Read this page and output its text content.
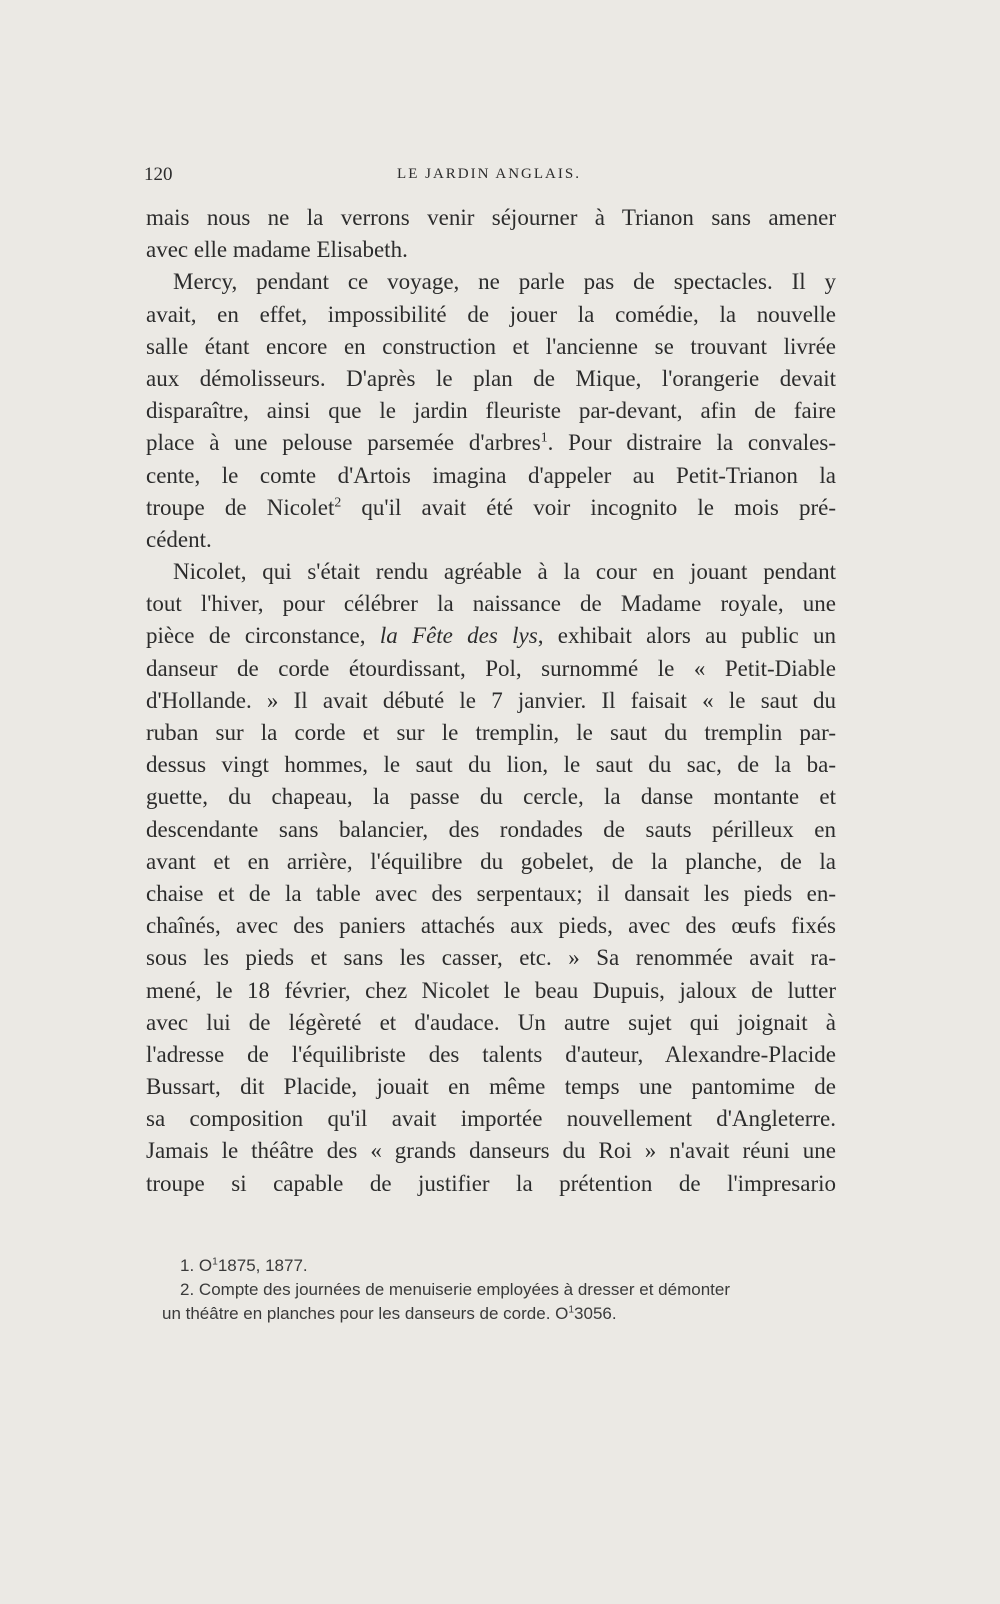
120	LE JARDIN ANGLAIS.
mais nous ne la verrons venir séjourner à Trianon sans amener
avec elle madame Elisabeth.
Mercy, pendant ce voyage, ne parle pas de spectacles. Il y
avait, en effet, impossibilité de jouer la comédie, la nouvelle
salle étant encore en construction et l'ancienne se trouvant livrée
aux démolisseurs. D'après le plan de Mique, l'orangerie devait
disparaître, ainsi que le jardin fleuriste par-devant, afin de faire
place à une pelouse parsemée d'arbres$^1$. Pour distraire la convales-
cente, le comte d'Artois imagina d'appeler au Petit-Trianon la
troupe de Nicolet$^2$ qu'il avait été voir incognito le mois pré-
cédent.
Nicolet, qui s'était rendu agréable à la cour en jouant pendant
tout l'hiver, pour célébrer la naissance de Madame royale, une
pièce de circonstance, la Fête des lys, exhibait alors au public un
danseur de corde étourdissant, Pol, surnommé le « Petit-Diable
d'Hollande. » Il avait débuté le 7 janvier. Il faisait « le saut du
ruban sur la corde et sur le tremplin, le saut du tremplin par-
dessus vingt hommes, le saut du lion, le saut du sac, de la ba-
guette, du chapeau, la passe du cercle, la danse montante et
descendante sans balancier, des rondades de sauts périlleux en
avant et en arrière, l'équilibre du gobelet, de la planche, de la
chaise et de la table avec des serpentaux; il dansait les pieds en-
chaînés, avec des paniers attachés aux pieds, avec des œufs fixés
sous les pieds et sans les casser, etc. » Sa renommée avait ra-
mené, le 18 février, chez Nicolet le beau Dupuis, jaloux de lutter
avec lui de légèreté et d'audace. Un autre sujet qui joignait à
l'adresse de l'équilibriste des talents d'auteur, Alexandre-Placide
Bussart, dit Placide, jouait en même temps une pantomime de
sa composition qu'il avait importée nouvellement d'Angleterre.
Jamais le théâtre des « grands danseurs du Roi » n'avait réuni une
troupe si capable de justifier la prétention de l'impresario
1. $O^11875$, 1877.
2. Compte des journées de menuiserie employées à dresser et démonter
un théâtre en planches pour les danseurs de corde. $O^13056$.
